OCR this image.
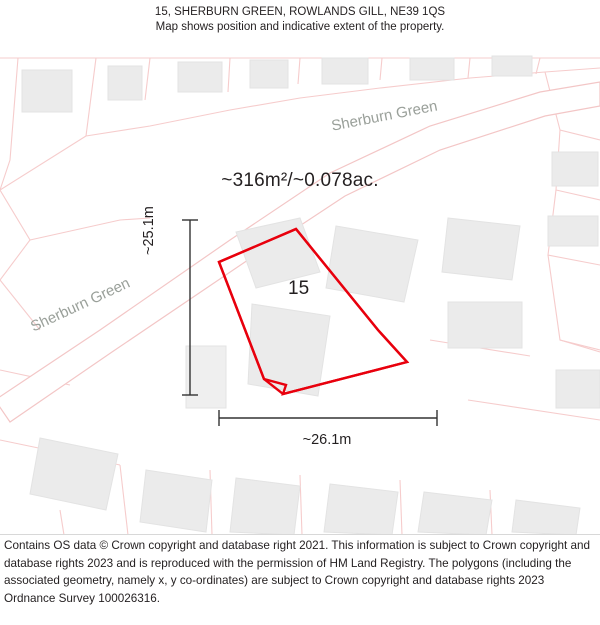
15, SHERBURN GREEN, ROWLANDS GILL, NE39 1QS
Map shows position and indicative extent of the property.
~316m²/~0.078ac.
15
~26.1m
~25.1m
Sherburn Green
Sherburn Green
Contains OS data © Crown copyright and database right 2021. This information is subject to Crown copyright and database rights 2023 and is reproduced with the permission of HM Land Registry. The polygons (including the associated geometry, namely x, y co-ordinates) are subject to Crown copyright and database rights 2023 Ordnance Survey 100026316.
